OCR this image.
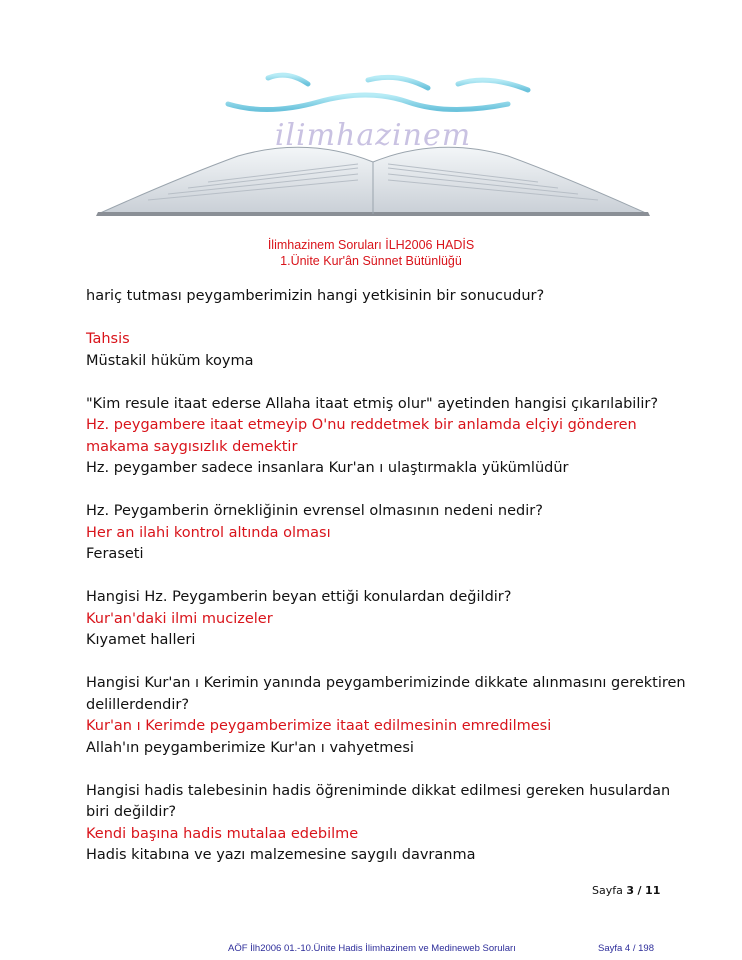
ilimhazinem
İlimhazinem Soruları İLH2006 HADİS
1.Ünite Kur'ân Sünnet Bütünlüğü
hariç tutması peygamberimizin hangi yetkisinin bir sonucudur?
Tahsis
Müstakil hüküm koyma
"Kim resule itaat ederse Allaha itaat etmiş olur" ayetinden hangisi çıkarılabilir?
Hz. peygambere itaat etmeyip O'nu reddetmek bir anlamda elçiyi gönderen makama saygısızlık demektir
Hz. peygamber sadece insanlara Kur'an ı ulaştırmakla yükümlüdür
Hz. Peygamberin örnekliğinin evrensel olmasının nedeni nedir?
Her an ilahi kontrol altında olması
Feraseti
Hangisi Hz. Peygamberin beyan ettiği konulardan değildir?
Kur'an'daki ilmi mucizeler
Kıyamet halleri
Hangisi Kur'an ı Kerimin yanında peygamberimizinde dikkate alınmasını gerektiren delillerdendir?
Kur'an ı Kerimde peygamberimize itaat edilmesinin emredilmesi
Allah'ın peygamberimize Kur'an ı vahyetmesi
Hangisi hadis talebesinin hadis öğreniminde dikkat edilmesi gereken husulardan biri değildir?
Kendi başına hadis mutalaa edebilme
Hadis kitabına ve yazı malzemesine saygılı davranma
Sayfa 3 / 11
AÖF İlh2006 01.-10.Ünite Hadis İlimhazinem ve Medineweb Soruları	Sayfa 4 / 198
